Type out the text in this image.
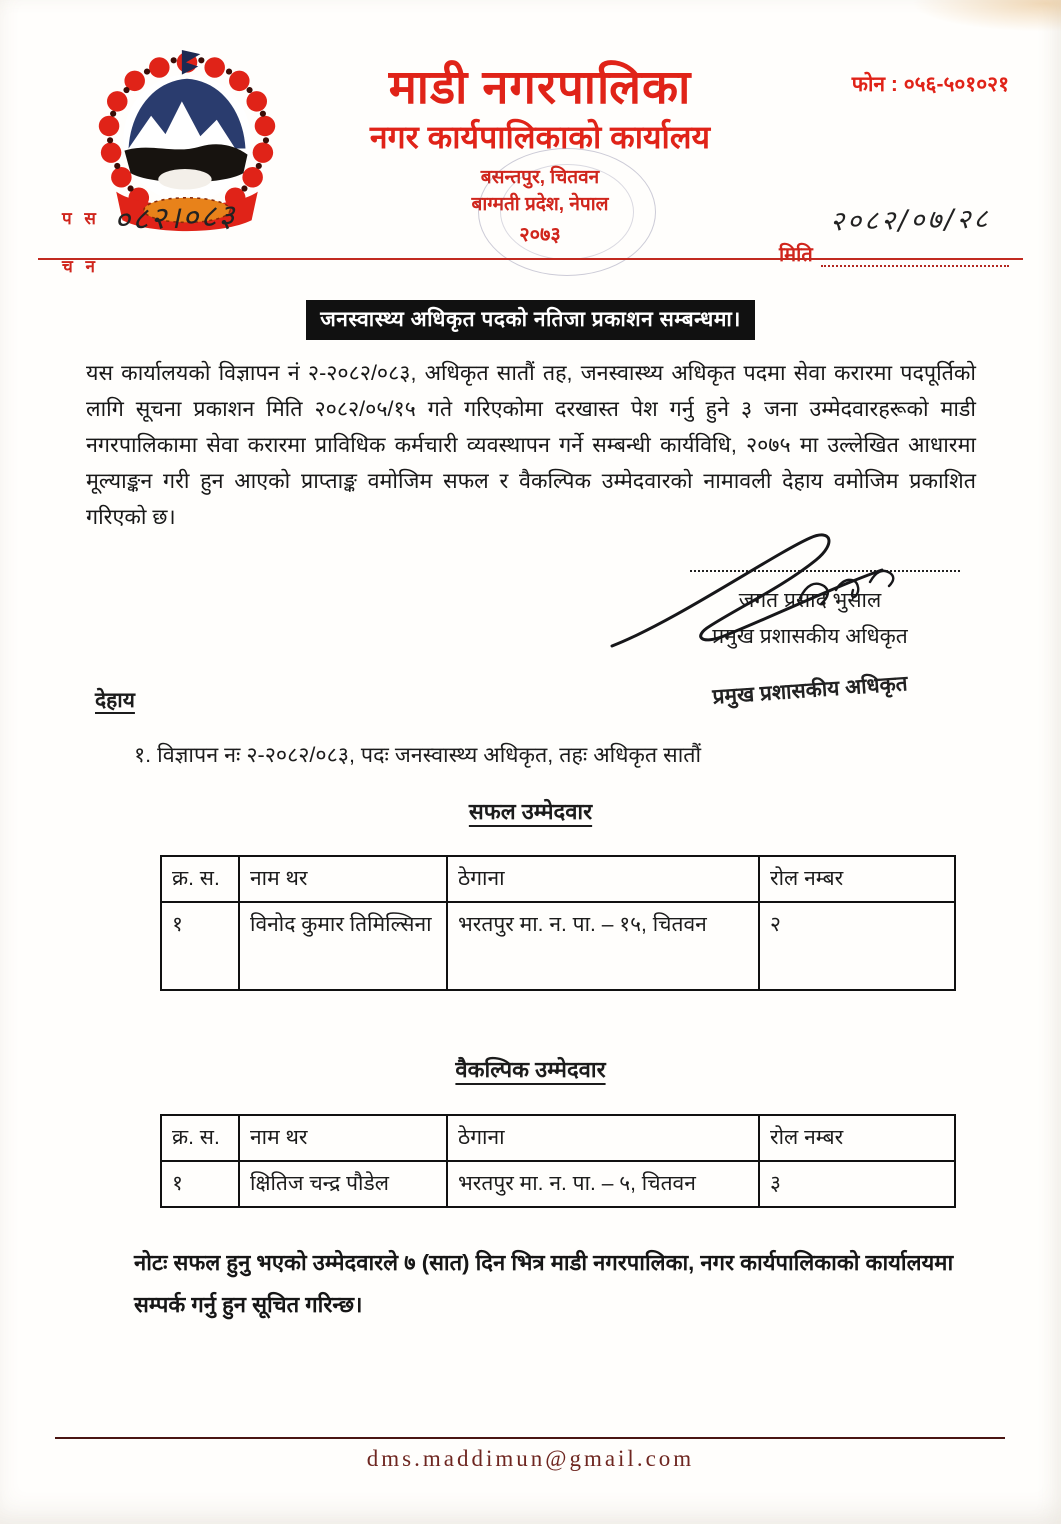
माडी नगरपालिका
नगर कार्यपालिकाको कार्यालय
बसन्तपुर, चितवन
बाग्मती प्रदेश, नेपाल
२०७३
फोन : ०५६-५०१०२१
२०८२/०७/२८
मिति
प स ०८२।०८३
च न
जनस्वास्थ्य अधिकृत पदको नतिजा प्रकाशन सम्बन्धमा।
यस कार्यालयको विज्ञापन नं २-२०८२/०८३, अधिकृत सातौं तह, जनस्वास्थ्य अधिकृत पदमा सेवा करारमा पदपूर्तिको लागि सूचना प्रकाशन मिति २०८२/०५/१५ गते गरिएकोमा दरखास्त पेश गर्नु हुने ३ जना उम्मेदवारहरूको माडी नगरपालिकामा सेवा करारमा प्राविधिक कर्मचारी व्यवस्थापन गर्ने सम्बन्धी कार्यविधि, २०७५ मा उल्लेखित आधारमा मूल्याङ्कन गरी हुन आएको प्राप्ताङ्क वमोजिम सफल र वैकल्पिक उम्मेदवारको नामावली देहाय वमोजिम प्रकाशित गरिएको छ।
जगत प्रसाद भुसाल
प्रमुख प्रशासकीय अधिकृत
प्रमुख प्रशासकीय अधिकृत
देहाय
१. विज्ञापन नः २-२०८२/०८३, पदः जनस्वास्थ्य अधिकृत, तहः अधिकृत सातौं
सफल उम्मेदवार
क्र. स.	नाम थर	ठेगाना	रोल नम्बर
१	विनोद कुमार तिमिल्सिना	भरतपुर मा. न. पा. – १५, चितवन	२
वैकल्पिक उम्मेदवार
क्र. स.	नाम थर	ठेगाना	रोल नम्बर
१	क्षितिज चन्द्र पौडेल	भरतपुर मा. न. पा. – ५, चितवन	३
नोटः सफल हुनु भएको उम्मेदवारले ७ (सात) दिन भित्र माडी नगरपालिका, नगर कार्यपालिकाको कार्यालयमा सम्पर्क गर्नु हुन सूचित गरिन्छ।
dms.maddimun@gmail.com
